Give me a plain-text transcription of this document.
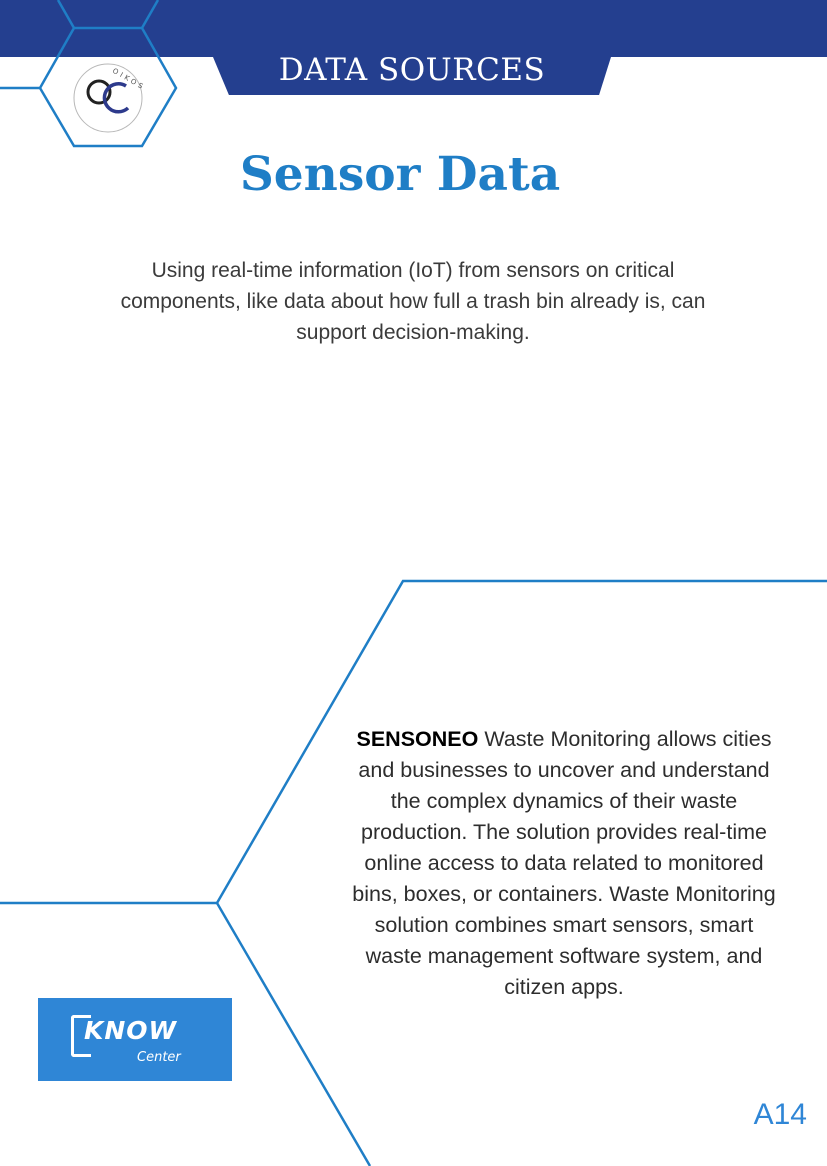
OIKOS	DATA SOURCES
Sensor Data

Using real-time information (IoT) from sensors on critical components, like data about how full a trash bin already is, can support decision-making.

SENSONEO Waste Monitoring allows cities and businesses to uncover and understand the complex dynamics of their waste production. The solution provides real-time online access to data related to monitored bins, boxes, or containers. Waste Monitoring solution combines smart sensors, smart waste management software system, and citizen apps.

KNOW
Center

A14
